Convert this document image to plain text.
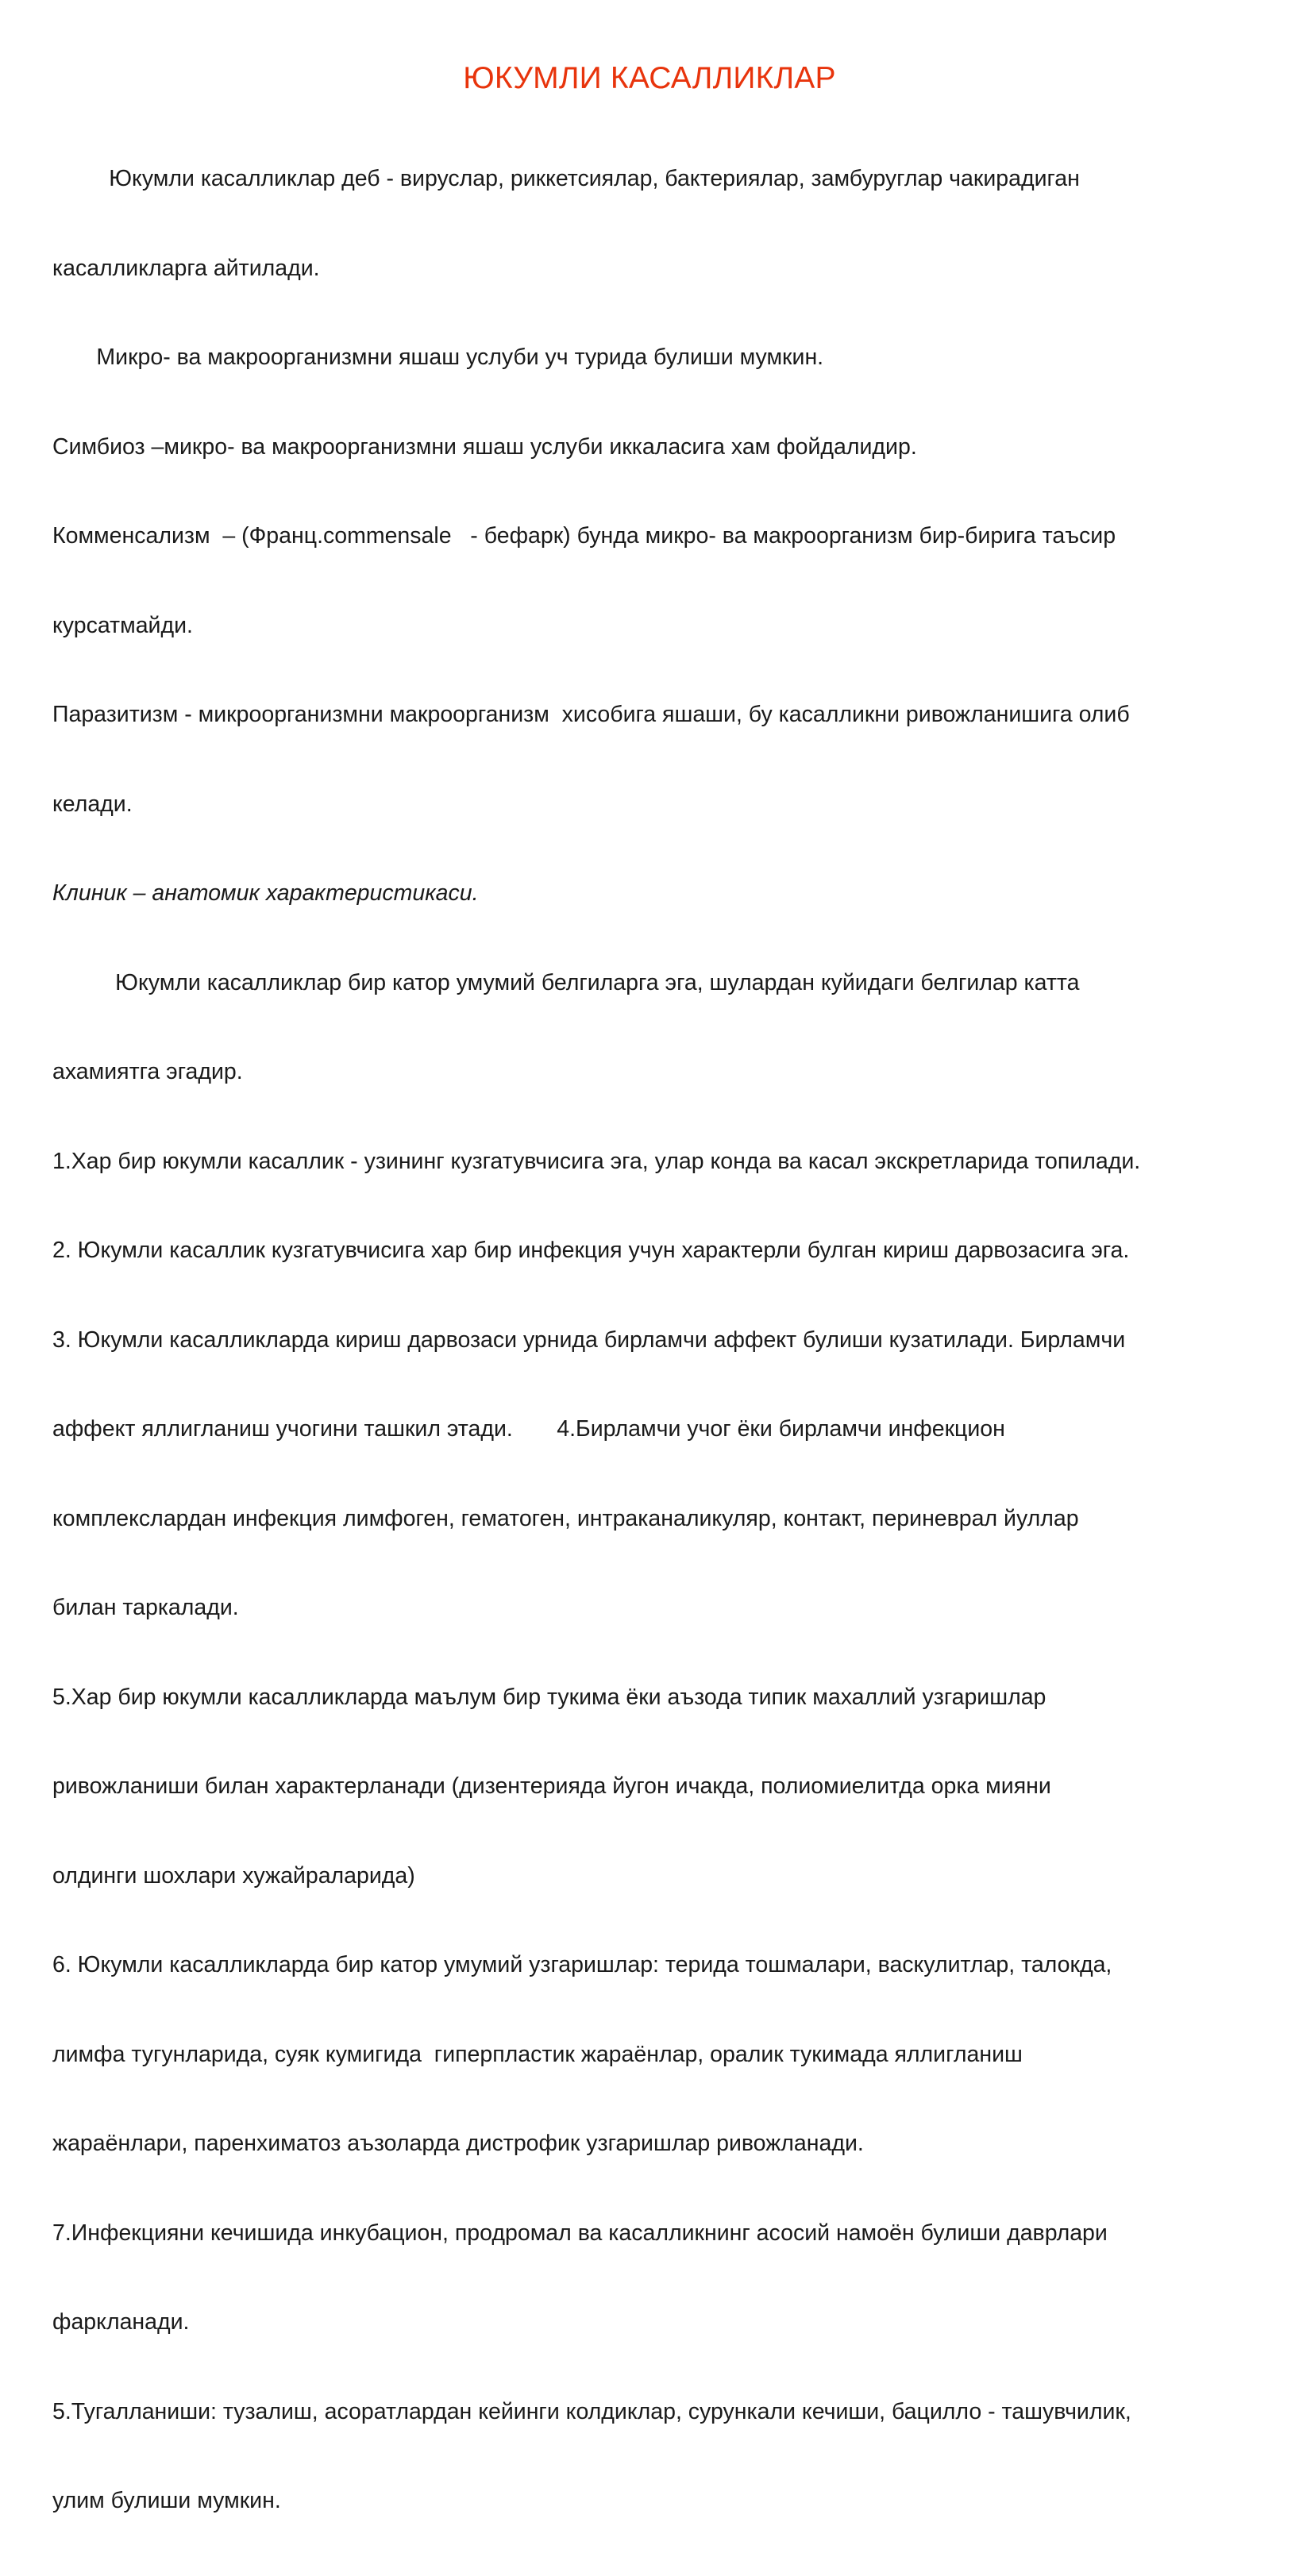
ЮКУМЛИ КАСАЛЛИКЛАР

Юкумли касалликлар деб - вируслар, риккетсиялар, бактериялар, замбуруглар чакирадиган

касалликларга айтилади.

Микро- ва макроорганизмни яшаш услуби уч турида булиши мумкин.

Симбиоз –микро- ва макроорганизмни яшаш услуби иккаласига хам фойдалидир.

Комменсализм  – (Франц.commensale   - бефарк) бунда микро- ва макроорганизм бир-бирига таъсир

курсатмайди.

Паразитизм - микроорганизмни макроорганизм  хисобига яшаши, бу касалликни ривожланишига олиб

келади.

Клиник – анатомик характеристикаси.

Юкумли касалликлар бир катор умумий белгиларга эга, шулардан куйидаги белгилар катта

ахамиятга эгадир.

1.Хар бир юкумли касаллик - узининг кузгатувчисига эга, улар конда ва касал экскретларида топилади.

2. Юкумли касаллик кузгатувчисига хар бир инфекция учун характерли булган кириш дарвозасига эга.

3. Юкумли касалликларда кириш дарвозаси урнида бирламчи аффект булиши кузатилади. Бирламчи

аффект яллигланиш учогини ташкил этади.       4.Бирламчи учог ёки бирламчи инфекцион

комплекслардан инфекция лимфоген, гематоген, интраканаликуляр, контакт, периневрал йуллар

билан таркалади.

5.Хар бир юкумли касалликларда маълум бир тукима ёки аъзода типик махаллий узгаришлар

ривожланиши билан характерланади (дизентерияда йугон ичакда, полиомиелитда орка мияни

олдинги шохлари хужайраларида)

6. Юкумли касалликларда бир катор умумий узгаришлар: терида тошмалари, васкулитлар, талокда,

лимфа тугунларида, суяк кумигида  гиперпластик жараёнлар, оралик тукимада яллигланиш

жараёнлари, паренхиматоз аъзоларда дистрофик узгаришлар ривожланади.

7.Инфекцияни кечишида инкубацион, продромал ва касалликнинг асосий намоён булиши даврлари

фаркланади.

5.Тугалланиши: тузалиш, асоратлардан кейинги колдиклар, сурункали кечиши, бацилло - ташувчилик,

улим булиши мумкин.
